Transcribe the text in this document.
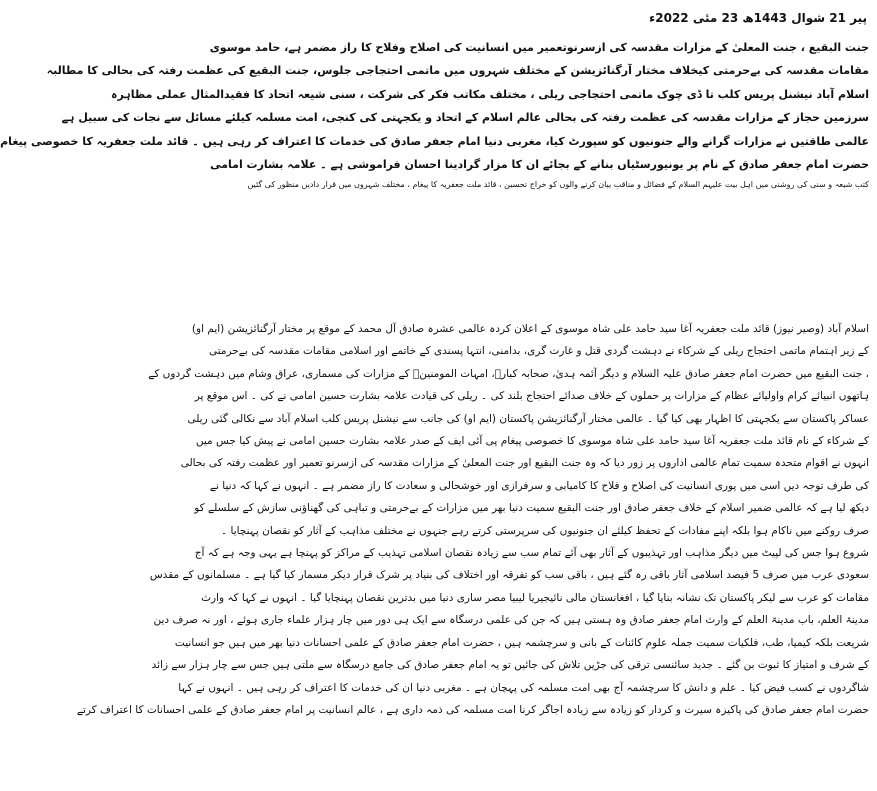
پیر 21 شوال 1443ھ 23 مئی 2022ء
جنت البقیع ، جنت المعلیٰ کے مزارات مقدسہ کی ازسرنوتعمیر میں انسانیت کی اصلاح وفلاح کا راز مضمر ہے، حامد موسوی
مقامات مقدسہ کی بےحرمتی کیخلاف مختار آرگنائزیشن کے مختلف شہروں میں ماتمی احتجاجی جلوس، جنت البقیع کی عظمت رفتہ کی بحالی کا مطالبہ
اسلام آباد نیشنل پریس کلب تا ڈی چوک ماتمی احتجاجی ریلی ، مختلف مکاتب فکر کی شرکت ، سنی شیعہ اتحاد کا فقیدالمثال عملی مظاہرہ
سرزمین حجاز کے مزارات مقدسہ کی عظمت رفتہ کی بحالی عالم اسلام کے اتحاد و یکجہتی کی کنجی، امت مسلمہ کیلئے مسائل سے نجات کی سبیل ہے
عالمی طاقتیں نے مزارات گرانے والے جنونیوں کو سپورٹ کیا، مغربی دنیا امام جعفر صادق کی خدمات کا اعتراف کر رہی ہیں ۔ قائد ملت جعفریہ کا خصوصی پیغام
حضرت امام جعفر صادق کے نام پر یونیورسٹیاں بنانے کے بجائے ان کا مزار گرادینا احسان فراموشی ہے ۔ علامہ بشارت امامی
کتب شیعہ و سنی کی روشنی میں اہل بیت علیہم السلام کے فضائل و مناقب بیان کرنے والوں کو خراج تحسین ، قائد ملت جعفریہ کا پیغام ، مختلف شہروں میں قرار دادیں منظور کی گئیں
اسلام آباد (وصیر نیوز) قائد ملت جعفریہ آغا سید حامد علی شاہ موسوی کے اعلان کردہ عالمی عشرہ صادق آل محمد کے موقع پر مختار آرگنائزیشن (ایم او)
کے زیر اہتمام ماتمی احتجاج ریلی کے شرکاء نے دہشت گردی قتل و غارت گری، بدامنی، انتہا پسندی کے خاتمے اور اسلامی مقامات مقدسہ کی بےحرمتی
، جنت البقیع میں حضرت امام جعفر صادق علیہ السلام و دیگر آئمہ ہدیٰ، صحابہ کبارؓ، امہات المومنینؓ کے مزارات کی مسماری، عراق وشام میں دہشت گردوں کے
ہاتھوں انبیائے کرام واولیائے عظام کے مزارات پر حملوں کے خلاف صدائے احتجاج بلند کی ۔ ریلی کی قیادت علامہ بشارت حسین امامی نے کی ۔ اس موقع پر
عساکر پاکستان سے یکجہتی کا اظہار بھی کیا گیا ۔ عالمی مختار آرگنائزیشن پاکستان (ایم او) کی جانب سے نیشنل پریس کلب اسلام آباد سے نکالی گئی ریلی
کے شرکاء کے نام قائد ملت جعفریہ آغا سید حامد علی شاہ موسوی کا خصوصی پیغام پی آئی ایف کے صدر علامہ بشارت حسین امامی نے پیش کیا جس میں
انہوں نے اقوام متحدہ سمیت تمام عالمی اداروں پر زور دیا کہ وہ جنت البقیع اور جنت المعلیٰ کے مزارات مقدسہ کی ازسرنو تعمیر اور عظمت رفتہ کی بحالی
کی طرف توجہ دیں اسی میں پوری انسانیت کی اصلاح و فلاح کا کامیابی و سرفرازی اور خوشحالی و سعادت کا راز مضمر ہے ۔ انہوں نے کہا کہ دنیا نے
دیکھ لیا ہے کہ عالمی ضمیر اسلام کے خلاف جعفر صادق اور جنت البقیع سمیت دنیا بھر میں مزارات کے بےحرمتی و تباہی کی گھناؤنی سازش کے سلسلے کو
صرف روکنے میں ناکام ہوا بلکہ اپنے مفادات کے تحفظ کیلئے ان جنونیوں کی سرپرستی کرتے رہے جنہوں نے مختلف مذاہب کے آثار کو نقصان پہنچایا ۔
شروع ہوا جس کی لپیٹ میں دیگر مذاہب اور تہذیبوں کے آثار بھی آئے تمام سب سے زیادہ نقصان اسلامی تہذیب کے مراکز کو پہنچا ہے یہی وجہ ہے کہ آج
سعودی عرب میں صرف 5 فیصد اسلامی آثار باقی رہ گئے ہیں ، باقی سب کو تفرقہ اور اختلاف کی بنیاد پر شرک قرار دیکر مسمار کیا گیا ہے ۔ مسلمانوں کے مقدس
مقامات کو عرب سے لیکر پاکستان تک نشانہ بنایا گیا ، افغانستان مالی نائیجیریا لیبیا مصر ساری دنیا میں بدترین نقصان پہنچایا گیا ۔ انہوں نے کہا کہ وارث
مدینۃ العلم، باب مدینۃ العلم کے وارث امام جعفر صادق وہ ہستی ہیں کہ جن کی علمی درسگاہ سے ایک ہی دور میں چار ہزار علماء جاری ہوئے ، اور نہ صرف دین
شریعت بلکہ کیمیا، طب، فلکیات سمیت جملہ علوم کائنات کے بانی و سرچشمہ ہیں ، حضرت امام جعفر صادق کے علمی احسانات دنیا بھر میں ہیں جو انسانیت
کے شرف و امتیاز کا ثبوت بن گئے ۔ جدید سائنسی ترقی کی جڑیں تلاش کی جائیں تو یہ امام جعفر صادق کی جامع درسگاہ سے ملتی ہیں جس سے چار ہزار سے زائد
شاگردوں نے کسب فیض کیا ۔ علم و دانش کا سرچشمہ آج بھی امت مسلمہ کی پہچان ہے ۔ مغربی دنیا ان کی خدمات کا اعتراف کر رہی ہیں ۔ انہوں نے کہا
حضرت امام جعفر صادق کی پاکیزہ سیرت و کردار کو زیادہ سے زیادہ اجاگر کرنا امت مسلمہ کی ذمہ داری ہے ، عالم انسانیت پر امام جعفر صادق کے علمی احسانات کا اعتراف کرتے
